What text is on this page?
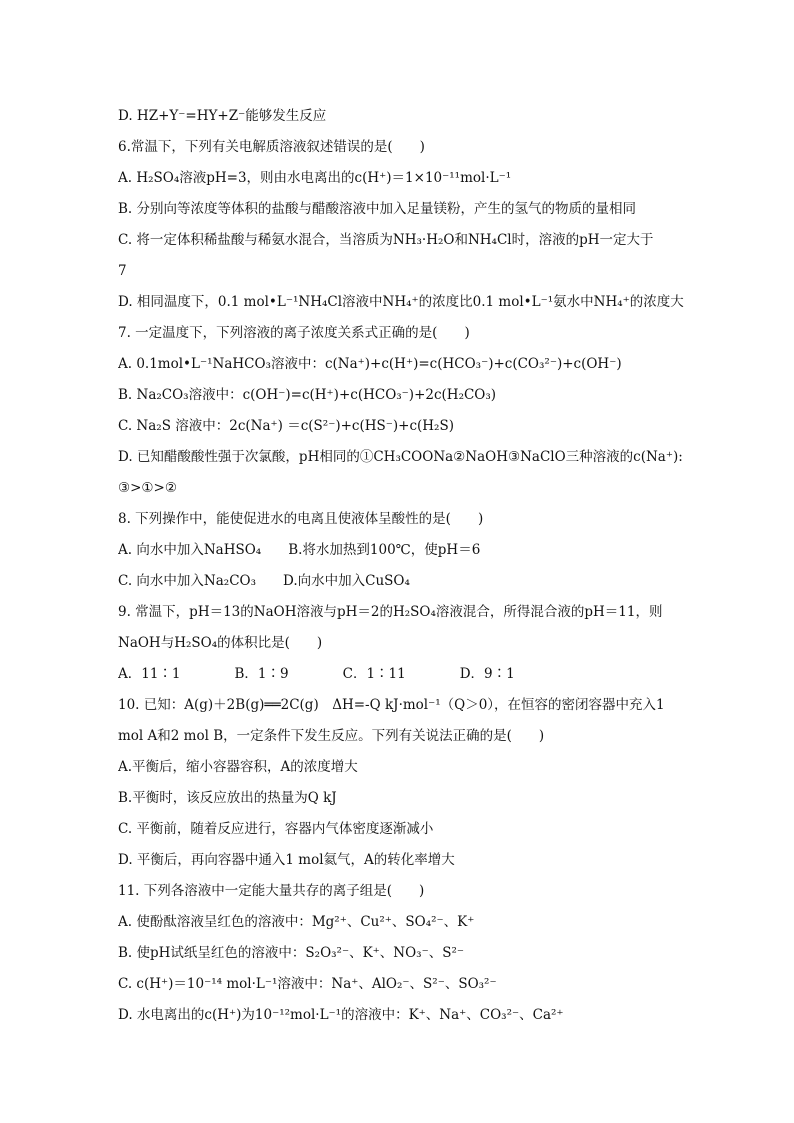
D. HZ+Y⁻=HY+Z⁻能够发生反应
6.常温下，下列有关电解质溶液叙述错误的是(　　)
A. H₂SO₄溶液pH=3，则由水电离出的c(H⁺)＝1×10⁻¹¹mol·L⁻¹
B. 分别向等浓度等体积的盐酸与醋酸溶液中加入足量镁粉，产生的氢气的物质的量相同
C. 将一定体积稀盐酸与稀氨水混合，当溶质为NH₃·H₂O和NH₄Cl时，溶液的pH一定大于
7
D. 相同温度下，0.1 mol•L⁻¹NH₄Cl溶液中NH₄⁺的浓度比0.1 mol•L⁻¹氨水中NH₄⁺的浓度大
7. 一定温度下，下列溶液的离子浓度关系式正确的是(　　)
A. 0.1mol•L⁻¹NaHCO₃溶液中：c(Na⁺)+c(H⁺)=c(HCO₃⁻)+c(CO₃²⁻)+c(OH⁻)
B. Na₂CO₃溶液中：c(OH⁻)=c(H⁺)+c(HCO₃⁻)+2c(H₂CO₃)
C. Na₂S 溶液中：2c(Na⁺) ＝c(S²⁻)+c(HS⁻)+c(H₂S)
D. 已知醋酸酸性强于次氯酸，pH相同的①CH₃COONa②NaOH③NaClO三种溶液的c(Na⁺):
③>①>②
8. 下列操作中，能使促进水的电离且使液体呈酸性的是(　　)
A. 向水中加入NaHSO₄　　B.将水加热到100℃，使pH＝6
C. 向水中加入Na₂CO₃　　D.向水中加入CuSO₄
9. 常温下，pH＝13的NaOH溶液与pH＝2的H₂SO₄溶液混合，所得混合液的pH＝11，则
NaOH与H₂SO₄的体积比是(　　)
A．11∶1　　　　B．1∶9　　　　C．1∶11　　　　D．9∶1
10. 已知：A(g)＋2B(g)══2C(g)　ΔH=-Q kJ·mol⁻¹（Q＞0），在恒容的密闭容器中充入1
mol A和2 mol B，一定条件下发生反应。下列有关说法正确的是(　　)
A.平衡后，缩小容器容积，A的浓度增大
B.平衡时，该反应放出的热量为Q kJ
C. 平衡前，随着反应进行，容器内气体密度逐渐减小
D. 平衡后，再向容器中通入1 mol氦气，A的转化率增大
11. 下列各溶液中一定能大量共存的离子组是(　　)
A. 使酚酞溶液呈红色的溶液中：Mg²⁺、Cu²⁺、SO₄²⁻、K⁺
B. 使pH试纸呈红色的溶液中：S₂O₃²⁻、K⁺、NO₃⁻、S²⁻
C. c(H⁺)＝10⁻¹⁴ mol·L⁻¹溶液中：Na⁺、AlO₂⁻、S²⁻、SO₃²⁻
D. 水电离出的c(H⁺)为10⁻¹²mol·L⁻¹的溶液中：K⁺、Na⁺、CO₃²⁻、Ca²⁺
